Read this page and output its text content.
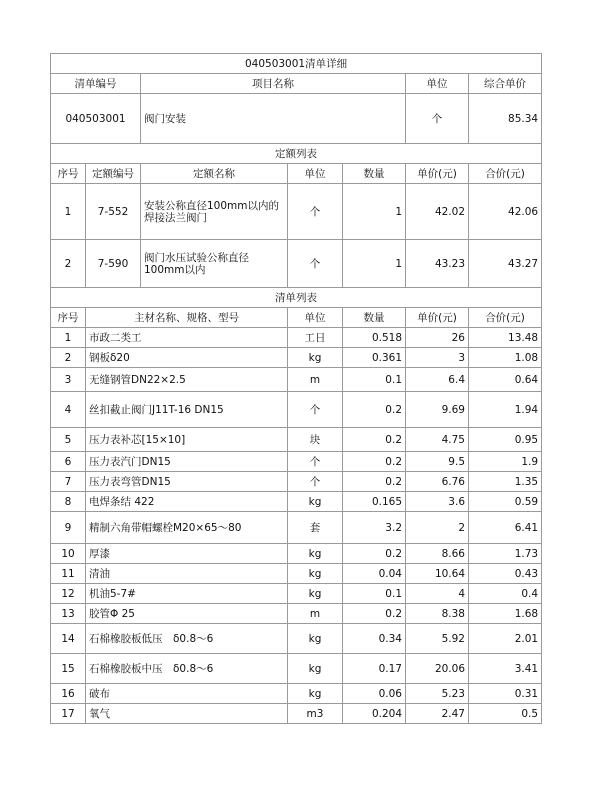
040503001清单详细						
清单编号		项目名称			单位	综合单价
040503001		阀门安装			个	85.34
定额列表						
序号	定额编号	定额名称	单位	数量	单价(元)	合价(元)
1	7-552	安装公称直径100mm以内的焊接法兰阀门	个	1	42.02	42.06
2	7-590	阀门水压试验公称直径100mm以内	个	1	43.23	43.27
清单列表						
序号	主材名称、规格、型号		单位	数量	单价(元)	合价(元)
1	市政二类工		工日	0.518	26	13.48
2	钢板δ20		kg	0.361	3	1.08
3	无缝钢管DN22×2.5		m	0.1	6.4	0.64
4	丝扣截止阀门J11T-16 DN15		个	0.2	9.69	1.94
5	压力表补芯[15×10]		块	0.2	4.75	0.95
6	压力表汽门DN15		个	0.2	9.5	1.9
7	压力表弯管DN15		个	0.2	6.76	1.35
8	电焊条结 422		kg	0.165	3.6	0.59
9	精制六角带帽螺栓M20×65～80		套	3.2	2	6.41
10	厚漆		kg	0.2	8.66	1.73
11	清油		kg	0.04	10.64	0.43
12	机油5-7#		kg	0.1	4	0.4
13	胶管Φ 25		m	0.2	8.38	1.68
14	石棉橡胶板低压　δ0.8～6		kg	0.34	5.92	2.01
15	石棉橡胶板中压　δ0.8～6		kg	0.17	20.06	3.41
16	破布		kg	0.06	5.23	0.31
17	氧气		m3	0.204	2.47	0.5
